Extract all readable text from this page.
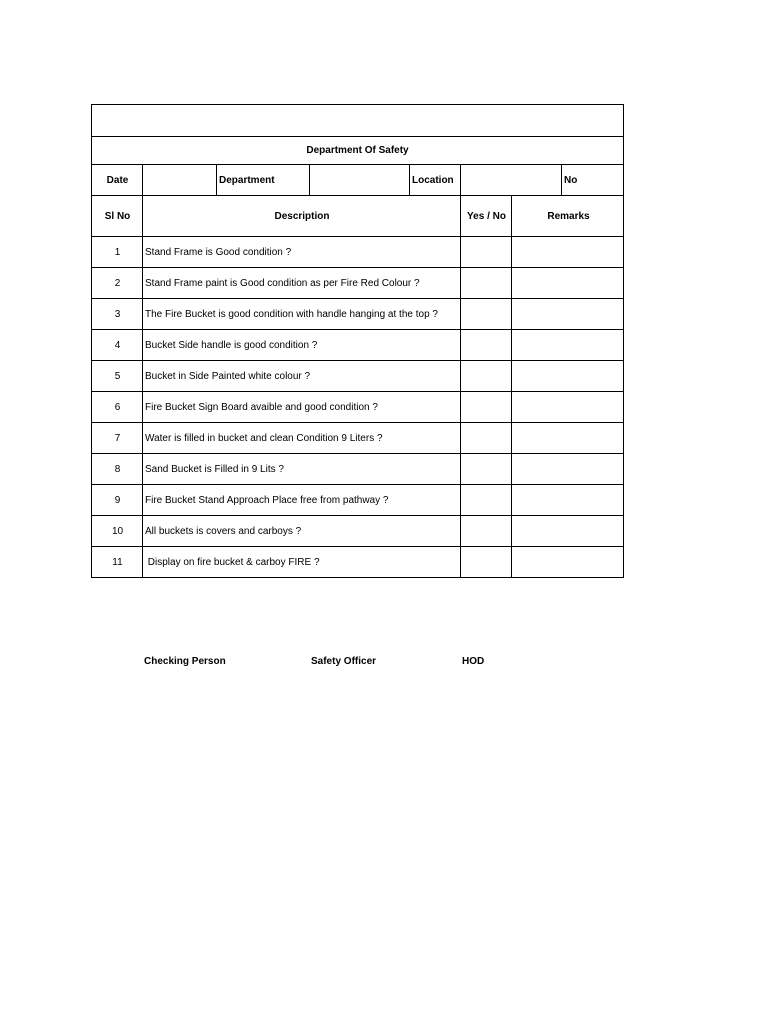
Department Of Safety
Date	Department	Location	No
Sl No	Description	Yes / No	Remarks
1	Stand Frame is Good condition ?
2	Stand Frame paint is Good condition as per Fire Red Colour ?
3	The Fire Bucket is good condition with handle hanging at the top ?
4	Bucket Side handle is good condition ?
5	Bucket in Side Painted white colour ?
6	Fire Bucket Sign Board avaible and good condition ?
7	Water is filled in bucket and clean Condition 9 Liters ?
8	Sand Bucket is Filled in 9 Lits ?
9	Fire Bucket Stand Approach Place free from pathway ?
10	All buckets is covers and carboys ?
11	Display on fire bucket & carboy FIRE ?
Checking Person	Safety Officer	HOD
